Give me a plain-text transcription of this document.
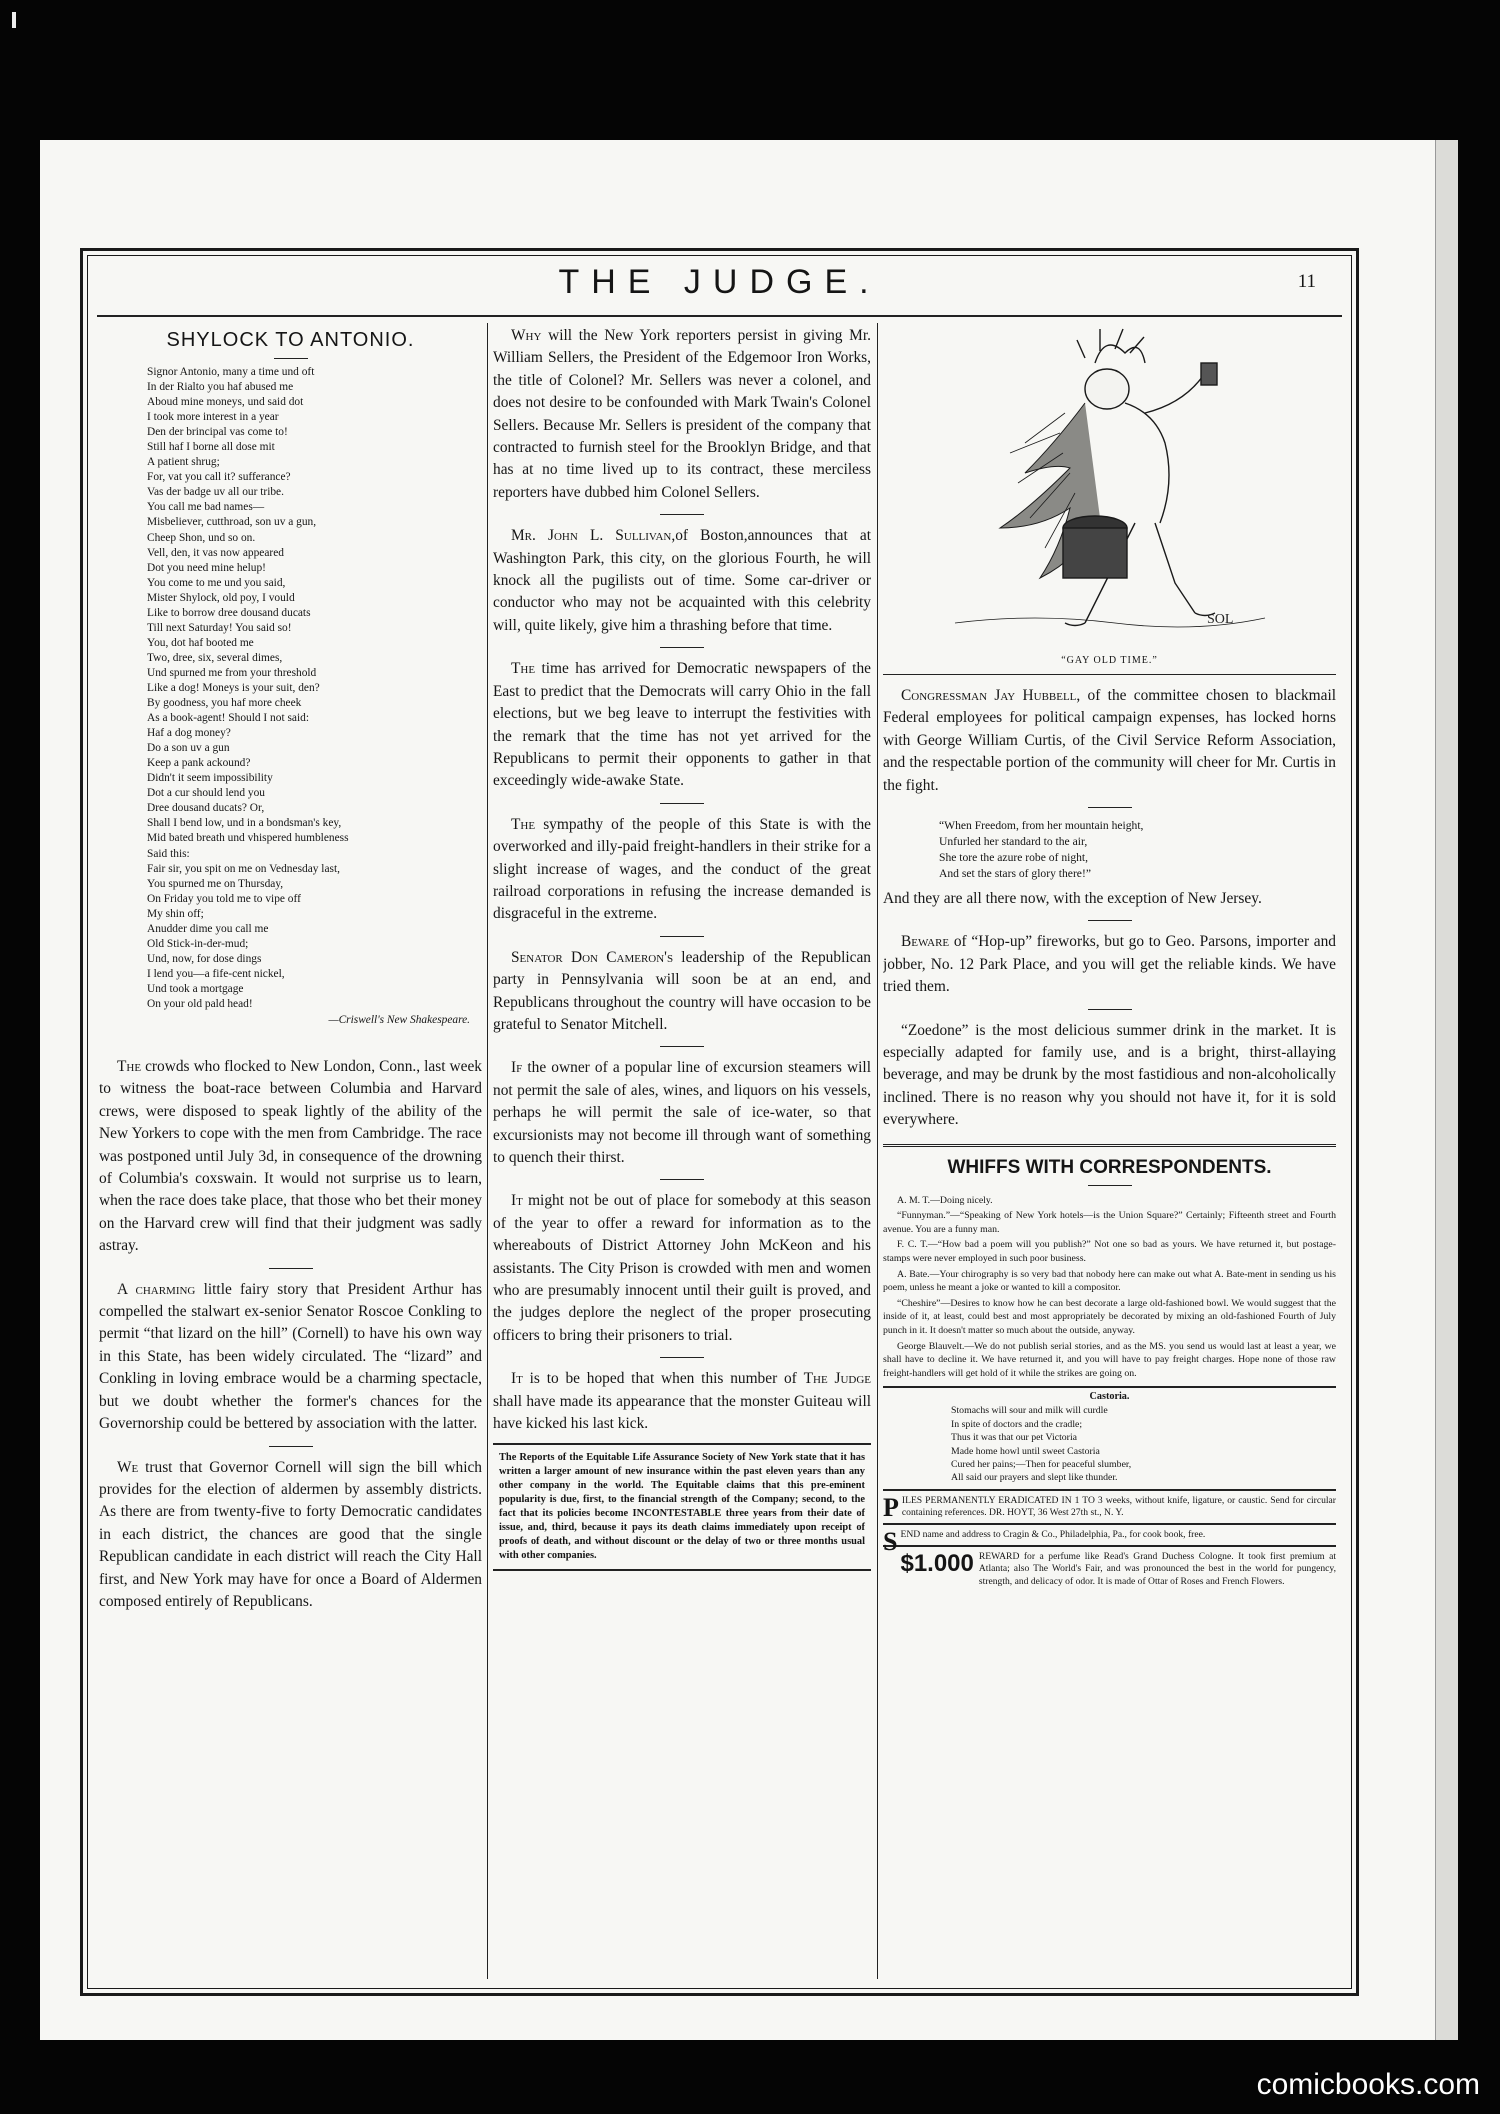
THE JUDGE.	11
SHYLOCK TO ANTONIO.
Signor Antonio, many a time und oft
In der Rialto you haf abused me
Aboud mine moneys, und said dot
I took more interest in a year
Den der brincipal vas come to!
Still haf I borne all dose mit
A patient shrug;
For, vat you call it? sufferance?
Vas der badge uv all our tribe.
You call me bad names—
Misbeliever, cutthroad, son uv a gun,
Cheep Shon, und so on.
Vell, den, it vas now appeared
Dot you need mine helup!
You come to me und you said,
Mister Shylock, old poy, I vould
Like to borrow dree dousand ducats
Till next Saturday! You said so!
You, dot haf booted me
Two, dree, six, several dimes,
Und spurned me from your threshold
Like a dog! Moneys is your suit, den?
By goodness, you haf more cheek
As a book-agent! Should I not said:
Haf a dog money?
Do a son uv a gun
Keep a pank ackound?
Didn't it seem impossibility
Dot a cur should lend you
Dree dousand ducats? Or,
Shall I bend low, und in a bondsman's key,
Mid bated breath und vhispered humbleness
Said this:
Fair sir, you spit on me on Vednesday last,
You spurned me on Thursday,
On Friday you told me to vipe off
My shin off;
Anudder dime you call me
Old Stick-in-der-mud;
Und, now, for dose dings
I lend you—a fife-cent nickel,
Und took a mortgage
On your old pald head!
—Criswell's New Shakespeare.

The crowds who flocked to New London, Conn., last week to witness the boat-race between Columbia and Harvard crews, were disposed to speak lightly of the ability of the New Yorkers to cope with the men from Cambridge. The race was postponed until July 3d, in consequence of the drowning of Columbia's coxswain. It would not surprise us to learn, when the race does take place, that those who bet their money on the Harvard crew will find that their judgment was sadly astray.

A charming little fairy story that President Arthur has compelled the stalwart ex-senior Senator Roscoe Conkling to permit “that lizard on the hill” (Cornell) to have his own way in this State, has been widely circulated. The “lizard” and Conkling in loving embrace would be a charming spectacle, but we doubt whether the former's chances for the Governorship could be bettered by association with the latter.

We trust that Governor Cornell will sign the bill which provides for the election of aldermen by assembly districts. As there are from twenty-five to forty Democratic candidates in each district, the chances are good that the single Republican candidate in each district will reach the City Hall first, and New York may have for once a Board of Aldermen composed entirely of Republicans.

Why will the New York reporters persist in giving Mr. William Sellers, the President of the Edgemoor Iron Works, the title of Colonel? Mr. Sellers was never a colonel, and does not desire to be confounded with Mark Twain's Colonel Sellers. Because Mr. Sellers is president of the company that contracted to furnish steel for the Brooklyn Bridge, and that has at no time lived up to its contract, these merciless reporters have dubbed him Colonel Sellers.

Mr. John L. Sullivan,of Boston,announces that at Washington Park, this city, on the glorious Fourth, he will knock all the pugilists out of time. Some car-driver or conductor who may not be acquainted with this celebrity will, quite likely, give him a thrashing before that time.

The time has arrived for Democratic newspapers of the East to predict that the Democrats will carry Ohio in the fall elections, but we beg leave to interrupt the festivities with the remark that the time has not yet arrived for the Republicans to permit their opponents to gather in that exceedingly wide-awake State.

The sympathy of the people of this State is with the overworked and illy-paid freight-handlers in their strike for a slight increase of wages, and the conduct of the great railroad corporations in refusing the increase demanded is disgraceful in the extreme.

Senator Don Cameron's leadership of the Republican party in Pennsylvania will soon be at an end, and Republicans throughout the country will have occasion to be grateful to Senator Mitchell.

If the owner of a popular line of excursion steamers will not permit the sale of ales, wines, and liquors on his vessels, perhaps he will permit the sale of ice-water, so that excursionists may not become ill through want of something to quench their thirst.

It might not be out of place for somebody at this season of the year to offer a reward for information as to the whereabouts of District Attorney John McKeon and his assistants. The City Prison is crowded with men and women who are presumably innocent until their guilt is proved, and the judges deplore the neglect of the proper prosecuting officers to bring their prisoners to trial.

It is to be hoped that when this number of The Judge shall have made its appearance that the monster Guiteau will have kicked his last kick.

The Reports of the Equitable Life Assurance Society of New York state that it has written a larger amount of new insurance within the past eleven years than any other company in the world. The Equitable claims that this pre-eminent popularity is due, first, to the financial strength of the Company; second, to the fact that its policies become INCONTESTABLE three years from their date of issue, and, third, because it pays its death claims immediately upon receipt of proofs of death, and without discount or the delay of two or three months usual with other companies.
SOL
“GAY OLD TIME.”

Congressman Jay Hubbell, of the committee chosen to blackmail Federal employees for political campaign expenses, has locked horns with George William Curtis, of the Civil Service Reform Association, and the respectable portion of the community will cheer for Mr. Curtis in the fight.

“When Freedom, from her mountain height,
Unfurled her standard to the air,
She tore the azure robe of night,
And set the stars of glory there!”

And they are all there now, with the exception of New Jersey.

Beware of “Hop-up” fireworks, but go to Geo. Parsons, importer and jobber, No. 12 Park Place, and you will get the reliable kinds. We have tried them.

“Zoedone” is the most delicious summer drink in the market. It is especially adapted for family use, and is a bright, thirst-allaying beverage, and may be drunk by the most fastidious and non-alcoholically inclined. There is no reason why you should not have it, for it is sold everywhere.

WHIFFS WITH CORRESPONDENTS.
A. M. T.—Doing nicely.
“Funnyman.”—“Speaking of New York hotels—is the Union Square?” Certainly; Fifteenth street and Fourth avenue. You are a funny man.
F. C. T.—“How bad a poem will you publish?” Not one so bad as yours. We have returned it, but postage-stamps were never employed in such poor business.
A. Bate.—Your chirography is so very bad that nobody here can make out what A. Bate-ment in sending us his poem, unless he meant a joke or wanted to kill a compositor.
“Cheshire”—Desires to know how he can best decorate a large old-fashioned bowl. We would suggest that the inside of it, at least, could best and most appropriately be decorated by mixing an old-fashioned Fourth of July punch in it. It doesn't matter so much about the outside, anyway.
George Blauvelt.—We do not publish serial stories, and as the MS. you send us would last at least a year, we shall have to decline it. We have returned it, and you will have to pay freight charges. Hope none of those raw freight-handlers will get hold of it while the strikes are going on.
Castoria.
Stomachs will sour and milk will curdle
In spite of doctors and the cradle;
Thus it was that our pet Victoria
Made home howl until sweet Castoria
Cured her pains;—Then for peaceful slumber,
All said our prayers and slept like thunder.
PILES PERMANENTLY ERADICATED IN 1 TO 3 weeks, without knife, ligature, or caustic. Send for circular containing references. DR. HOYT, 36 West 27th st., N. Y.
SEND name and address to Cragin & Co., Philadelphia, Pa., for cook book, free.
$1.000 REWARD for a perfume like Read's Grand Duchess Cologne. It took first premium at Atlanta; also The World's Fair, and was pronounced the best in the world for pungency, strength, and delicacy of odor. It is made of Ottar of Roses and French Flowers.
comicbooks.com
